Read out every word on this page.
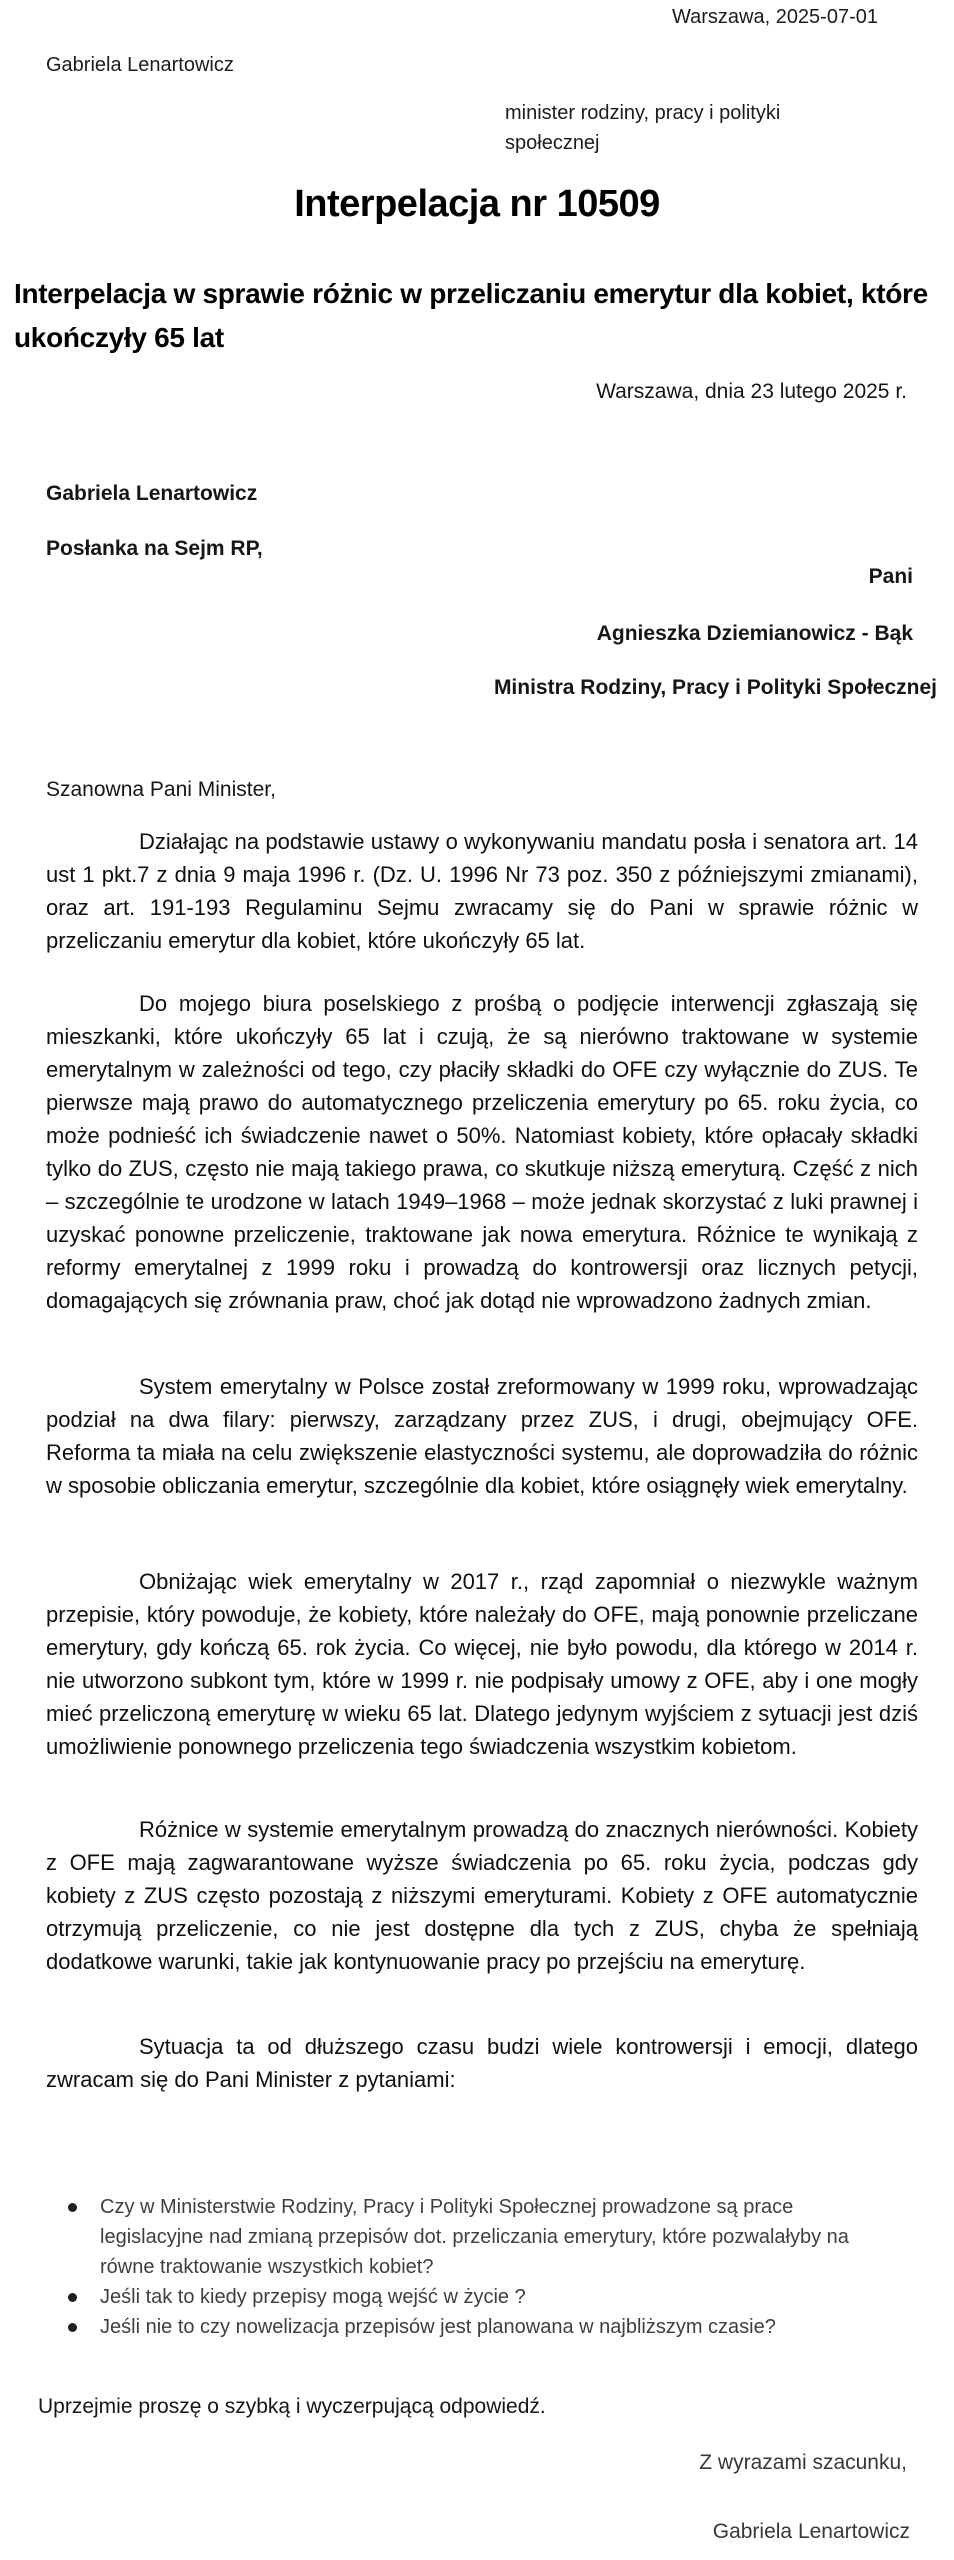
Warszawa, 2025-07-01
Gabriela Lenartowicz
minister rodziny, pracy i polityki społecznej
Interpelacja nr 10509
Interpelacja w sprawie różnic w przeliczaniu emerytur dla kobiet, które ukończyły 65 lat
Warszawa, dnia 23 lutego 2025 r.
Gabriela Lenartowicz
Posłanka na Sejm RP,
Pani
Agnieszka Dziemianowicz - Bąk
Ministra Rodziny, Pracy i Polityki Społecznej
Szanowna Pani Minister,

Działając na podstawie ustawy o wykonywaniu mandatu posła i senatora art. 14 ust 1 pkt.7 z dnia 9 maja 1996 r. (Dz. U. 1996 Nr 73 poz. 350 z późniejszymi zmianami), oraz art. 191-193 Regulaminu Sejmu zwracamy się do Pani w sprawie różnic w przeliczaniu emerytur dla kobiet, które ukończyły 65 lat.

Do mojego biura poselskiego z prośbą o podjęcie interwencji zgłaszają się mieszkanki, które ukończyły 65 lat i czują, że są nierówno traktowane w systemie emerytalnym w zależności od tego, czy płaciły składki do OFE czy wyłącznie do ZUS. Te pierwsze mają prawo do automatycznego przeliczenia emerytury po 65. roku życia, co może podnieść ich świadczenie nawet o 50%. Natomiast kobiety, które opłacały składki tylko do ZUS, często nie mają takiego prawa, co skutkuje niższą emeryturą. Część z nich – szczególnie te urodzone w latach 1949–1968 – może jednak skorzystać z luki prawnej i uzyskać ponowne przeliczenie, traktowane jak nowa emerytura. Różnice te wynikają z reformy emerytalnej z 1999 roku i prowadzą do kontrowersji oraz licznych petycji, domagających się zrównania praw, choć jak dotąd nie wprowadzono żadnych zmian.

System emerytalny w Polsce został zreformowany w 1999 roku, wprowadzając podział na dwa filary: pierwszy, zarządzany przez ZUS, i drugi, obejmujący OFE. Reforma ta miała na celu zwiększenie elastyczności systemu, ale doprowadziła do różnic w sposobie obliczania emerytur, szczególnie dla kobiet, które osiągnęły wiek emerytalny.

Obniżając wiek emerytalny w 2017 r., rząd zapomniał o niezwykle ważnym przepisie, który powoduje, że kobiety, które należały do OFE, mają ponownie przeliczane emerytury, gdy kończą 65. rok życia. Co więcej, nie było powodu, dla którego w 2014 r. nie utworzono subkont tym, które w 1999 r. nie podpisały umowy z OFE, aby i one mogły mieć przeliczoną emeryturę w wieku 65 lat. Dlatego jedynym wyjściem z sytuacji jest dziś umożliwienie ponownego przeliczenia tego świadczenia wszystkim kobietom.

Różnice w systemie emerytalnym prowadzą do znacznych nierówności. Kobiety z OFE mają zagwarantowane wyższe świadczenia po 65. roku życia, podczas gdy kobiety z ZUS często pozostają z niższymi emeryturami. Kobiety z OFE automatycznie otrzymują przeliczenie, co nie jest dostępne dla tych z ZUS, chyba że spełniają dodatkowe warunki, takie jak kontynuowanie pracy po przejściu na emeryturę.

Sytuacja ta od dłuższego czasu budzi wiele kontrowersji i emocji, dlatego zwracam się do Pani Minister z pytaniami:

Czy w Ministerstwie Rodziny, Pracy i Polityki Społecznej prowadzone są prace legislacyjne nad zmianą przepisów dot. przeliczania emerytury, które pozwalałyby na równe traktowanie wszystkich kobiet?
Jeśli tak to kiedy przepisy mogą wejść w życie ?
Jeśli nie to czy nowelizacja przepisów jest planowana w najbliższym czasie?
Uprzejmie proszę o szybką i wyczerpującą odpowiedź.
Z wyrazami szacunku,
Gabriela Lenartowicz
